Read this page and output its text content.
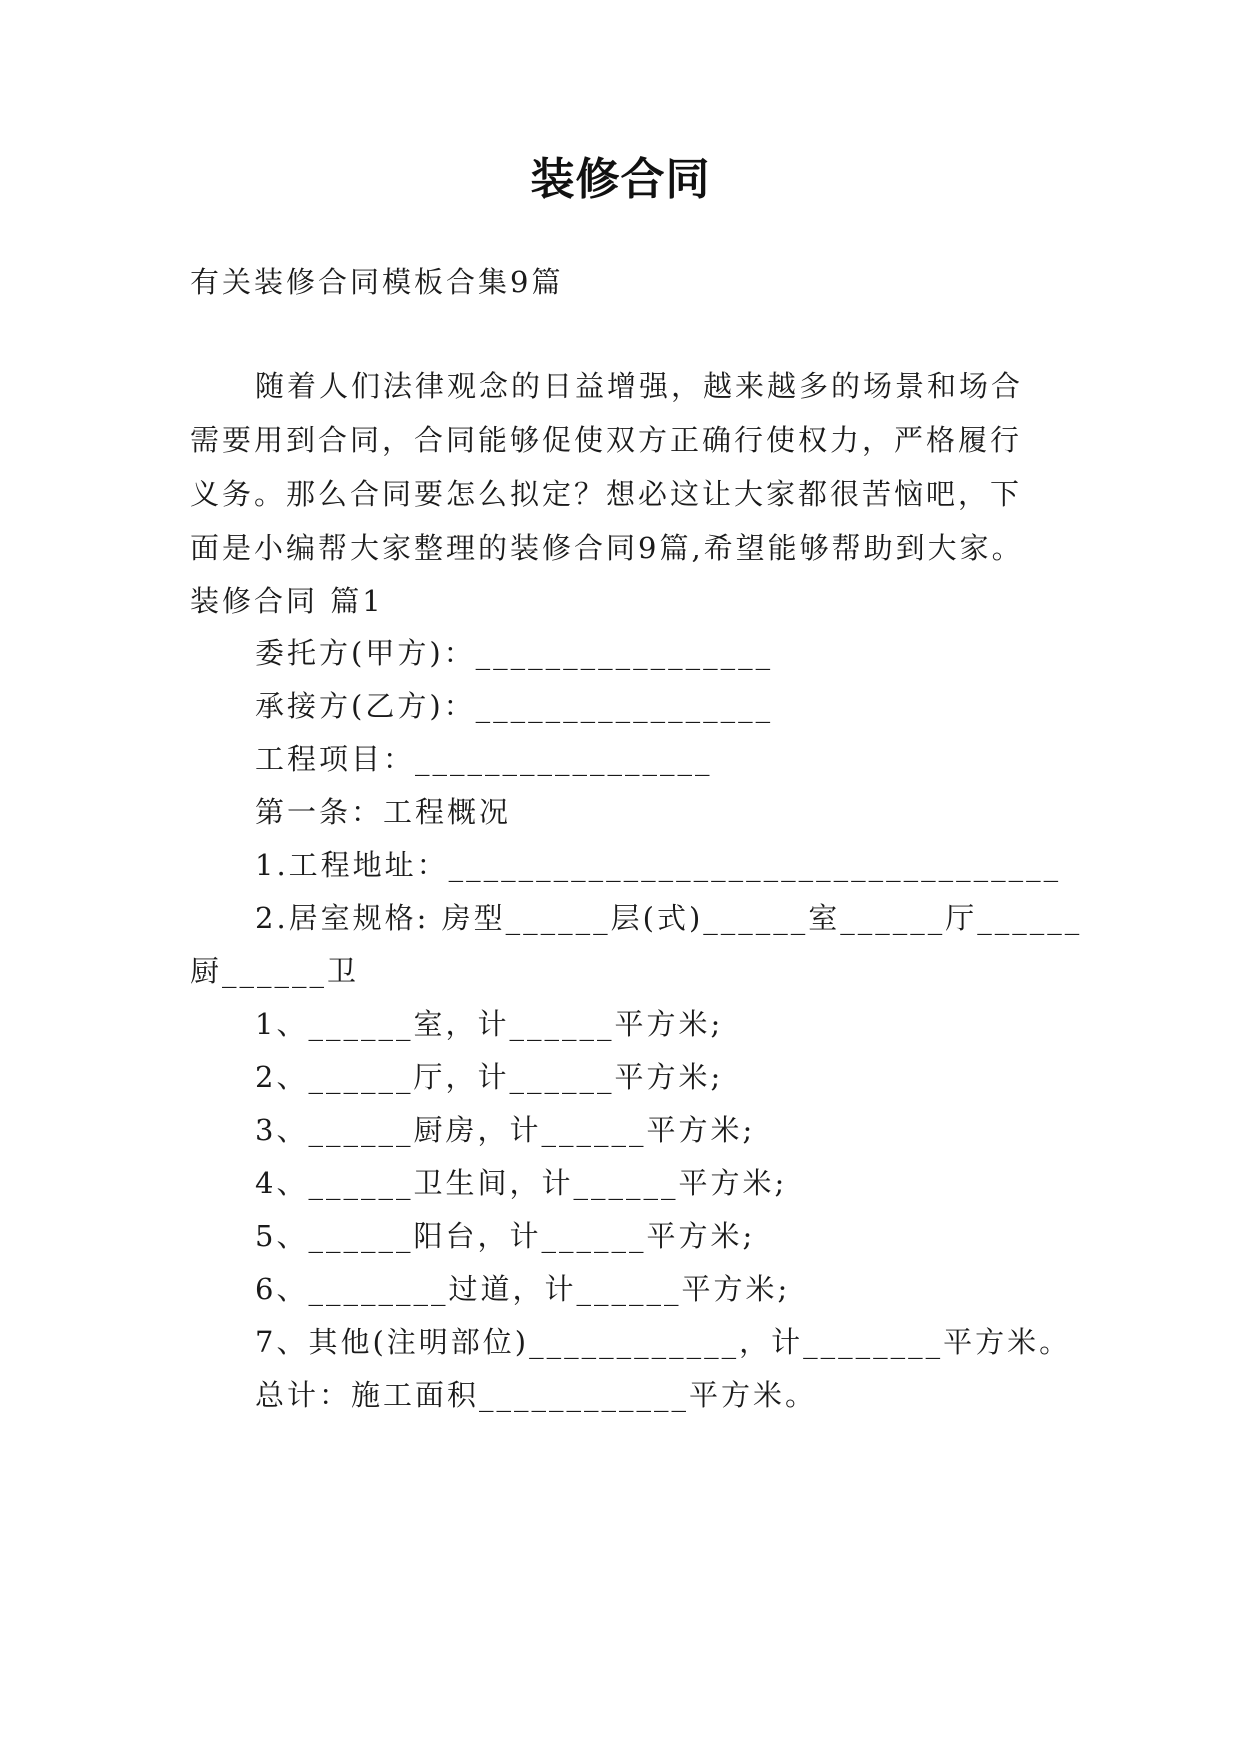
装修合同
有关装修合同模板合集9篇
随着人们法律观念的日益增强，越来越多的场景和场合
需要用到合同，合同能够促使双方正确行使权力，严格履行
义务。那么合同要怎么拟定？想必这让大家都很苦恼吧，下
面是小编帮大家整理的装修合同9篇,希望能够帮助到大家。
装修合同 篇1
委托方(甲方)：_________________
承接方(乙方)：_________________
工程项目：_________________
第一条：工程概况
1.工程地址：___________________________________
2.居室规格: 房型______层(式)______室______厅______
厨______卫
1、______室，计______平方米;
2、______厅，计______平方米;
3、______厨房，计______平方米;
4、______卫生间，计______平方米;
5、______阳台，计______平方米;
6、________过道，计______平方米;
7、其他(注明部位)____________，计________平方米。
总计：施工面积____________平方米。
